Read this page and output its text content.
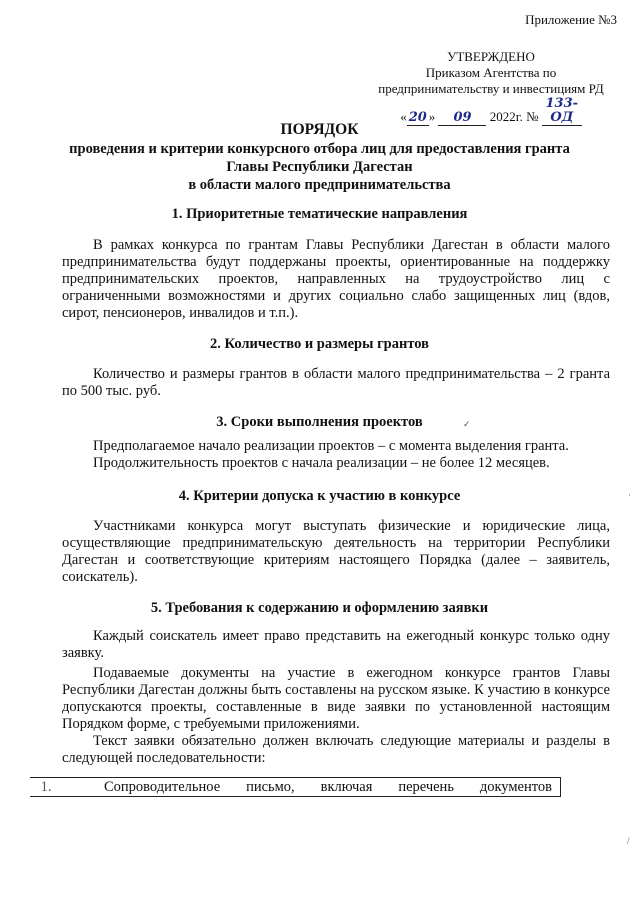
Приложение №3
УТВЕРЖДЕНО
Приказом Агентства по
предпринимательству и инвестициям РД
« 20 » 09 2022г. № 133-ОД
ПОРЯДОК
проведения и критерии конкурсного отбора лиц для предоставления гранта
Главы Республики Дагестан
в области малого предпринимательства
1. Приоритетные тематические направления
В рамках конкурса по грантам Главы Республики Дагестан в области малого предпринимательства будут поддержаны проекты, ориентированные на поддержку предпринимательских проектов, направленных на трудоустройство лиц с ограниченными возможностями и других социально слабо защищенных лиц (вдов, сирот, пенсионеров, инвалидов и т.п.).
2. Количество и размеры грантов
Количество и размеры грантов в области малого предпринимательства – 2 гранта по 500 тыс. руб.
3. Сроки выполнения проектов
Предполагаемое начало реализации проектов – с момента выделения гранта.
Продолжительность проектов с начала реализации – не более 12 месяцев.
4. Критерии допуска к участию в конкурсе
Участниками конкурса могут выступать физические и юридические лица, осуществляющие предпринимательскую деятельность на территории Республики Дагестан и соответствующие критериям настоящего Порядка (далее – заявитель, соискатель).
5. Требования к содержанию и оформлению заявки
Каждый соискатель имеет право представить на ежегодный конкурс только одну заявку.
Подаваемые документы на участие в ежегодном конкурсе грантов Главы Республики Дагестан должны быть составлены на русском языке. К участию в конкурсе допускаются проекты, составленные в виде заявки по установленной настоящим Порядком форме, с требуемыми приложениями.
Текст заявки обязательно должен включать следующие материалы и разделы в следующей последовательности:
1.	Сопроводительное письмо, включая перечень документов
✓
·
/
